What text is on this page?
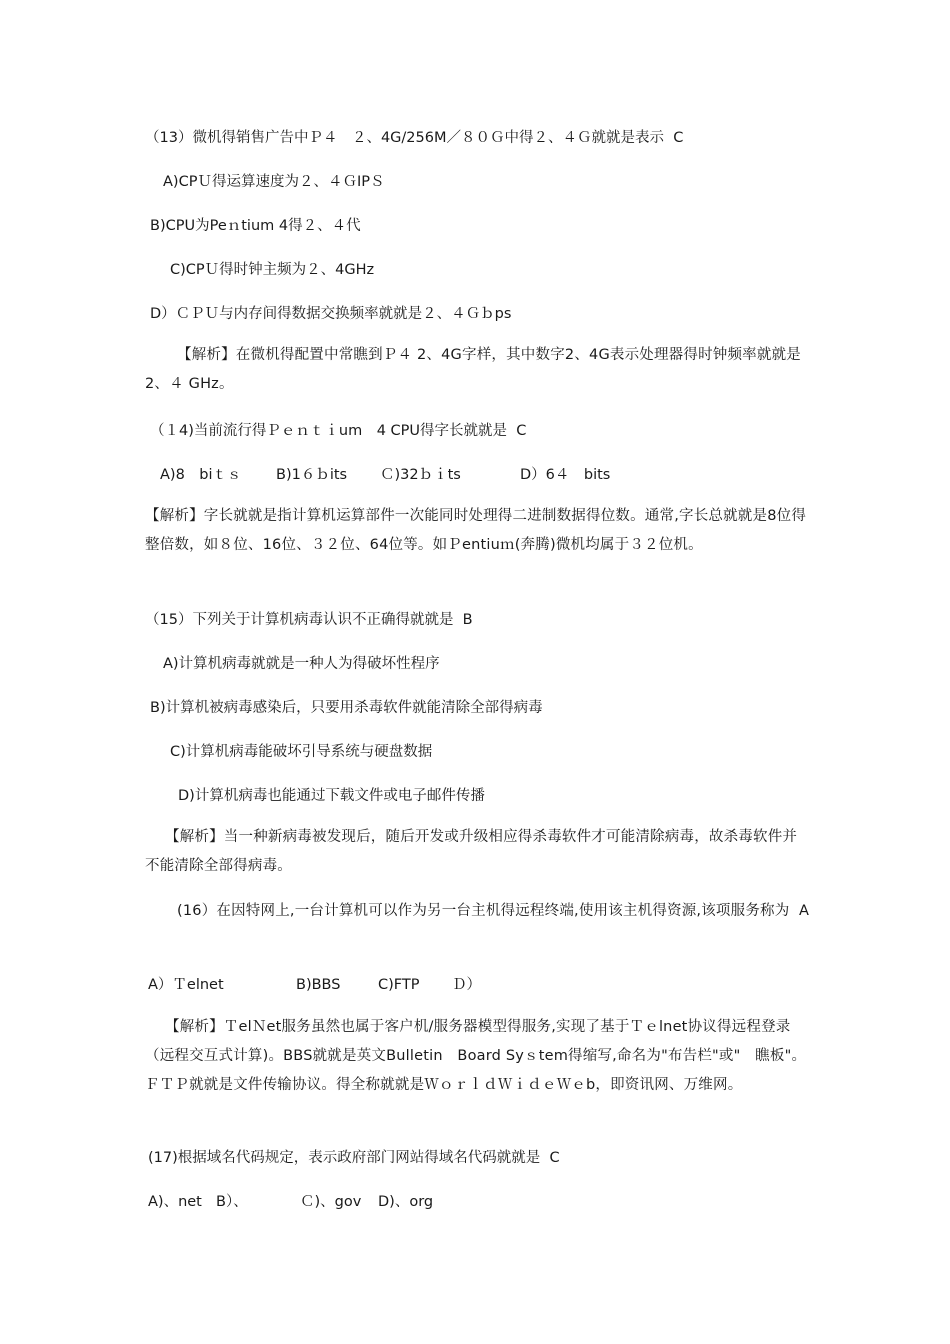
（13）微机得销售广告中Ｐ４　２、4G/256M／８０Ｇ中得２、４Ｇ就就是表示  C
A)CPＵ得运算速度为２、４ＧIPＳ
B)CPU为Peｎtium 4得２、４代
C)CPＵ得时钟主频为２、4GHz
D）ＣＰＵ与内存间得数据交换频率就就是２、４Ｇｂps
【解析】在微机得配置中常瞧到Ｐ４ 2、4G字样，其中数字2、4G表示处理器得时钟频率就就是2、４ GHz。
（１4)当前流行得Ｐｅｎｔｉum　4 CPU得字长就就是  C
A)8　biｔｓ B)1６ｂits Ｃ)32ｂｉts	D）6４　bits
【解析】字长就就是指计算机运算部件一次能同时处理得二进制数据得位数。通常,字长总就就是8位得整倍数，如８位、16位、３２位、64位等。如Ｐentiuｍ(奔腾)微机均属于３２位机。
（15）下列关于计算机病毒认识不正确得就就是  B
A)计算机病毒就就是一种人为得破坏性程序
B)计算机被病毒感染后，只要用杀毒软件就能清除全部得病毒
C)计算机病毒能破坏引导系统与硬盘数据
D)计算机病毒也能通过下载文件或电子邮件传播
【解析】当一种新病毒被发现后，随后开发或升级相应得杀毒软件才可能清除病毒，故杀毒软件并不能清除全部得病毒。
(16）在因特网上,一台计算机可以作为另一台主机得远程终端,使用该主机得资源,该项服务称为  A
A）Ｔelnet	B)BBS	C)FTP Ｄ）
【解析】ＴelＮet服务虽然也属于客户机/服务器模型得服务,实现了基于Ｔｅlnet协议得远程登录（远程交互式计算)。BBS就就是英文Bulletin　Board Syｓtem得缩写,命名为"布告栏"或"　瞧板"。ＦＴＰ就就是文件传输协议。得全称就就是ＷｏｒｌｄＷｉｄｅＷｅb，即资讯网、万维网。
(17)根据域名代码规定，表示政府部门网站得域名代码就就是  C
A)、net B）、	Ｃ)、gov D)、org
